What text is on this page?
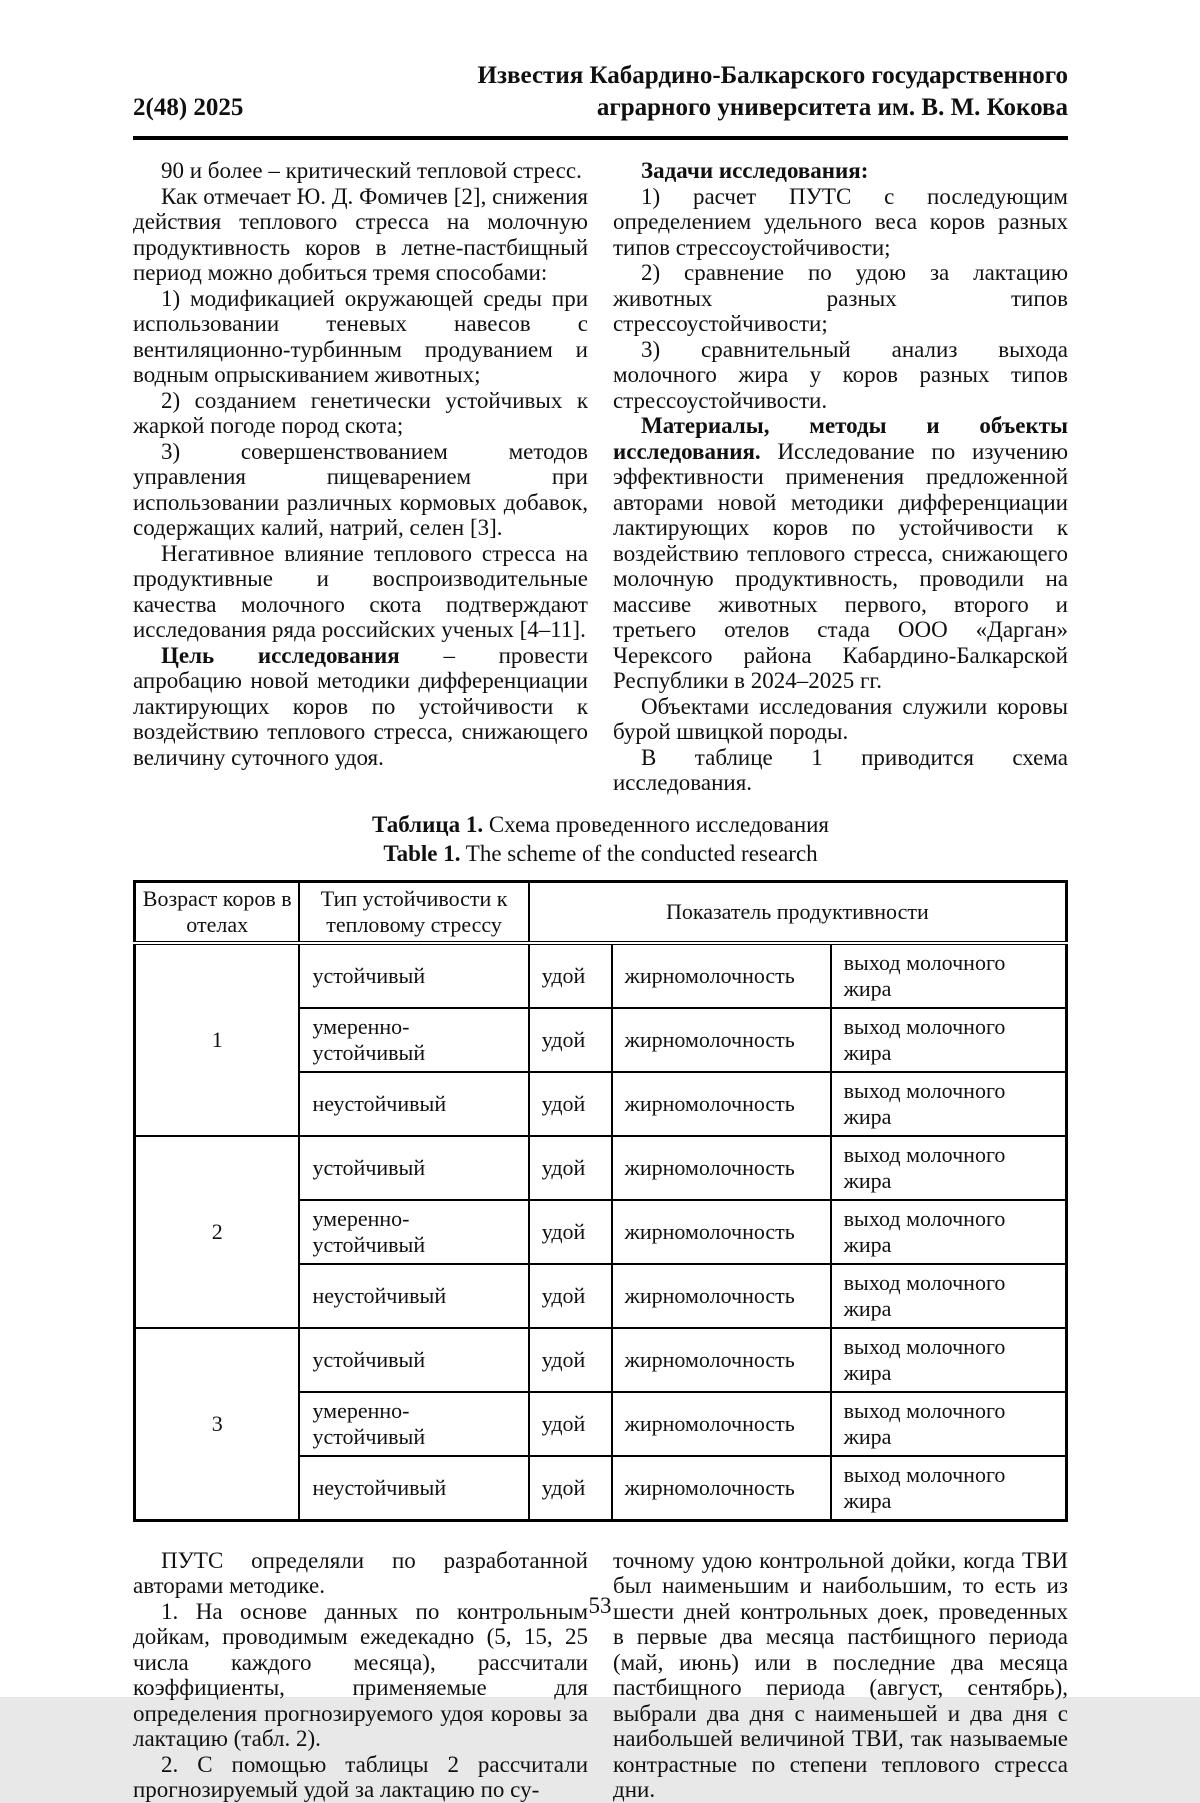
2(48) 2025
Известия Кабардино-Балкарского государственного
аграрного университета им. В. М. Кокова

90 и более – критический тепловой стресс.

Как отмечает Ю. Д. Фомичев [2], снижения действия теплового стресса на молочную продуктивность коров в летне-пастбищный период можно добиться тремя способами:

1) модификацией окружающей среды при использовании теневых навесов с вентиляционно-турбинным продуванием и водным опрыскиванием животных;

2) созданием генетически устойчивых к жаркой погоде пород скота;

3) совершенствованием методов управления пищеварением при использовании различных кормовых добавок, содержащих калий, натрий, селен [3].

Негативное влияние теплового стресса на продуктивные и воспроизводительные качества молочного скота подтверждают исследования ряда российских ученых [4–11].

Цель исследования – провести апробацию новой методики дифференциации лактирующих коров по устойчивости к воздействию теплового стресса, снижающего величину суточного удоя.

Задачи исследования:

1) расчет ПУТС с последующим определением удельного веса коров разных типов стрессоустойчивости;

2) сравнение по удою за лактацию животных разных типов стрессоустойчивости;

3) сравнительный анализ выхода молочного жира у коров разных типов стрессоустойчивости.

Материалы, методы и объекты исследования. Исследование по изучению эффективности применения предложенной авторами новой методики дифференциации лактирующих коров по устойчивости к воздействию теплового стресса, снижающего молочную продуктивность, проводили на массиве животных первого, второго и третьего отелов стада ООО «Дарган» Черексого района Кабардино-Балкарской Республики в 2024–2025 гг.

Объектами исследования служили коровы бурой швицкой породы.

В таблице 1 приводится схема исследования.

Таблица 1. Схема проведенного исследования
Table 1. The scheme of the conducted research
Возраст коров в отелах	Тип устойчивости к тепловому стрессу	Показатель продуктивности		
1	устойчивый	удой	жирномолочность	выход молочного жира
	умеренно-устойчивый	удой	жирномолочность	выход молочного жира
	неустойчивый	удой	жирномолочность	выход молочного жира
2	устойчивый	удой	жирномолочность	выход молочного жира
	умеренно-устойчивый	удой	жирномолочность	выход молочного жира
	неустойчивый	удой	жирномолочность	выход молочного жира
3	устойчивый	удой	жирномолочность	выход молочного жира
	умеренно-устойчивый	удой	жирномолочность	выход молочного жира
	неустойчивый	удой	жирномолочность	выход молочного жира

ПУТС определяли по разработанной авторами методике.

1. На основе данных по контрольным дойкам, проводимым ежедекадно (5, 15, 25 числа каждого месяца), рассчитали коэффициенты, применяемые для определения прогнозируемого удоя коровы за лактацию (табл. 2).

2. С помощью таблицы 2 рассчитали прогнозируемый удой за лактацию по су-

точному удою контрольной дойки, когда ТВИ был наименьшим и наибольшим, то есть из шести дней контрольных доек, проведенных в первые два месяца пастбищного периода (май, июнь) или в последние два месяца пастбищного периода (август, сентябрь), выбрали два дня с наименьшей и два дня с наибольшей величиной ТВИ, так называемые контрастные по степени теплового стресса дни.

53
